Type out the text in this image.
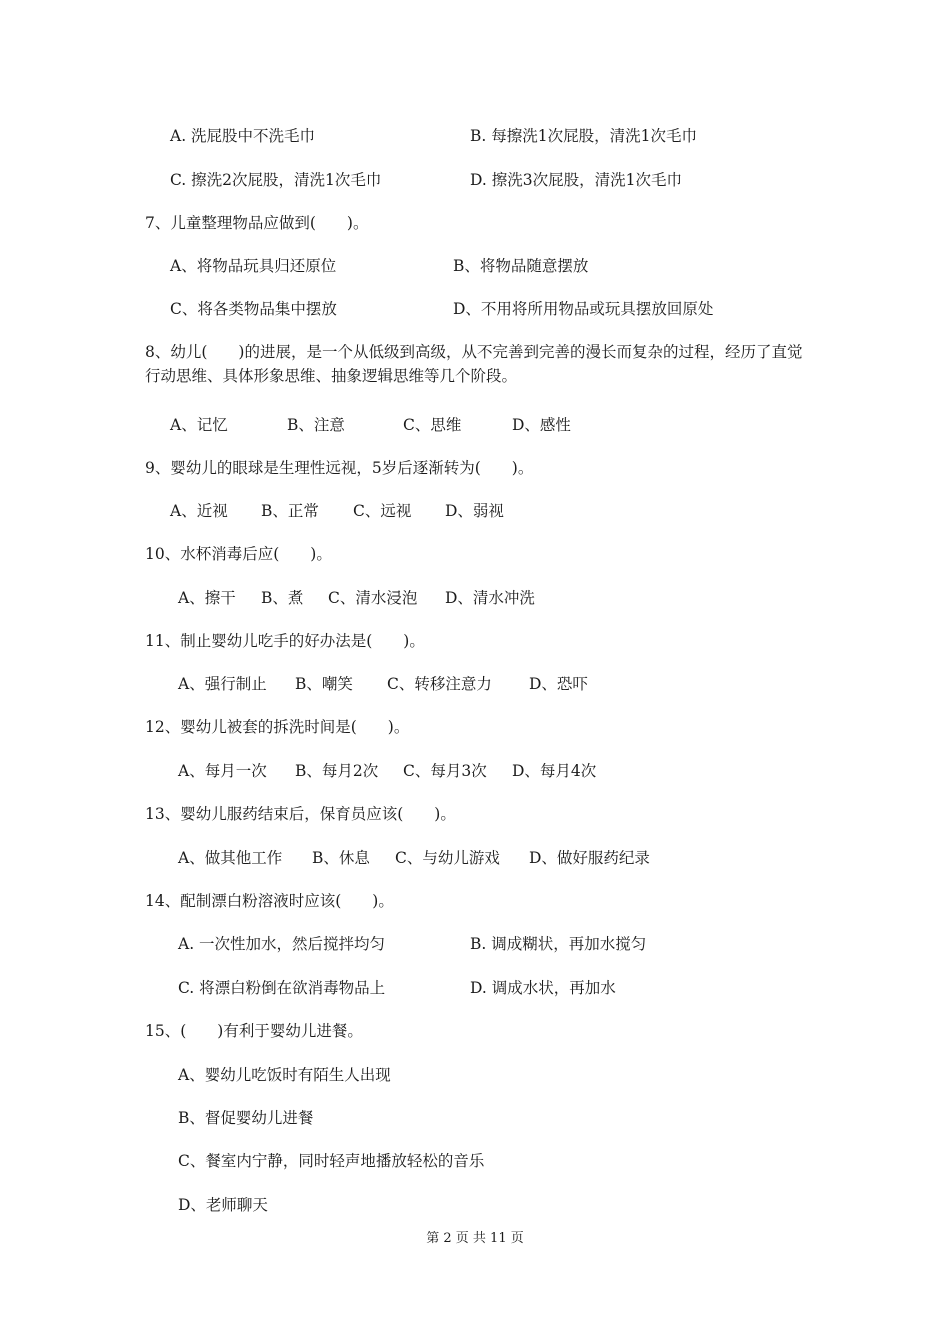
A. 洗屁股中不洗毛巾	B. 每擦洗1次屁股，清洗1次毛巾
C. 擦洗2次屁股，清洗1次毛巾	D. 擦洗3次屁股，清洗1次毛巾
7、儿童整理物品应做到(　　)。
A、将物品玩具归还原位	B、将物品随意摆放
C、将各类物品集中摆放	D、不用将所用物品或玩具摆放回原处
8、幼儿(　　)的进展，是一个从低级到高级，从不完善到完善的漫长而复杂的过程，经历了直觉行动思维、具体形象思维、抽象逻辑思维等几个阶段。
A、记忆	B、注意	C、思维	D、感性
9、婴幼儿的眼球是生理性远视，5岁后逐渐转为(　　)。
A、近视 B、正常 C、远视 D、弱视
10、水杯消毒后应(　　)。
A、擦干 B、煮 C、清水浸泡 D、清水冲洗
11、制止婴幼儿吃手的好办法是(　　)。
A、强行制止 B、嘲笑 C、转移注意力 D、恐吓
12、婴幼儿被套的拆洗时间是(　　)。
A、每月一次 B、每月2次 C、每月3次 D、每月4次
13、婴幼儿服药结束后，保育员应该(　　)。
A、做其他工作 B、休息 C、与幼儿游戏 D、做好服药纪录
14、配制漂白粉溶液时应该(　　)。
A. 一次性加水，然后搅拌均匀	B. 调成糊状，再加水搅匀
C. 将漂白粉倒在欲消毒物品上	D. 调成水状，再加水
15、(　　)有利于婴幼儿进餐。
A、婴幼儿吃饭时有陌生人出现
B、督促婴幼儿进餐
C、餐室内宁静，同时轻声地播放轻松的音乐
D、老师聊天
第 2 页 共 11 页
